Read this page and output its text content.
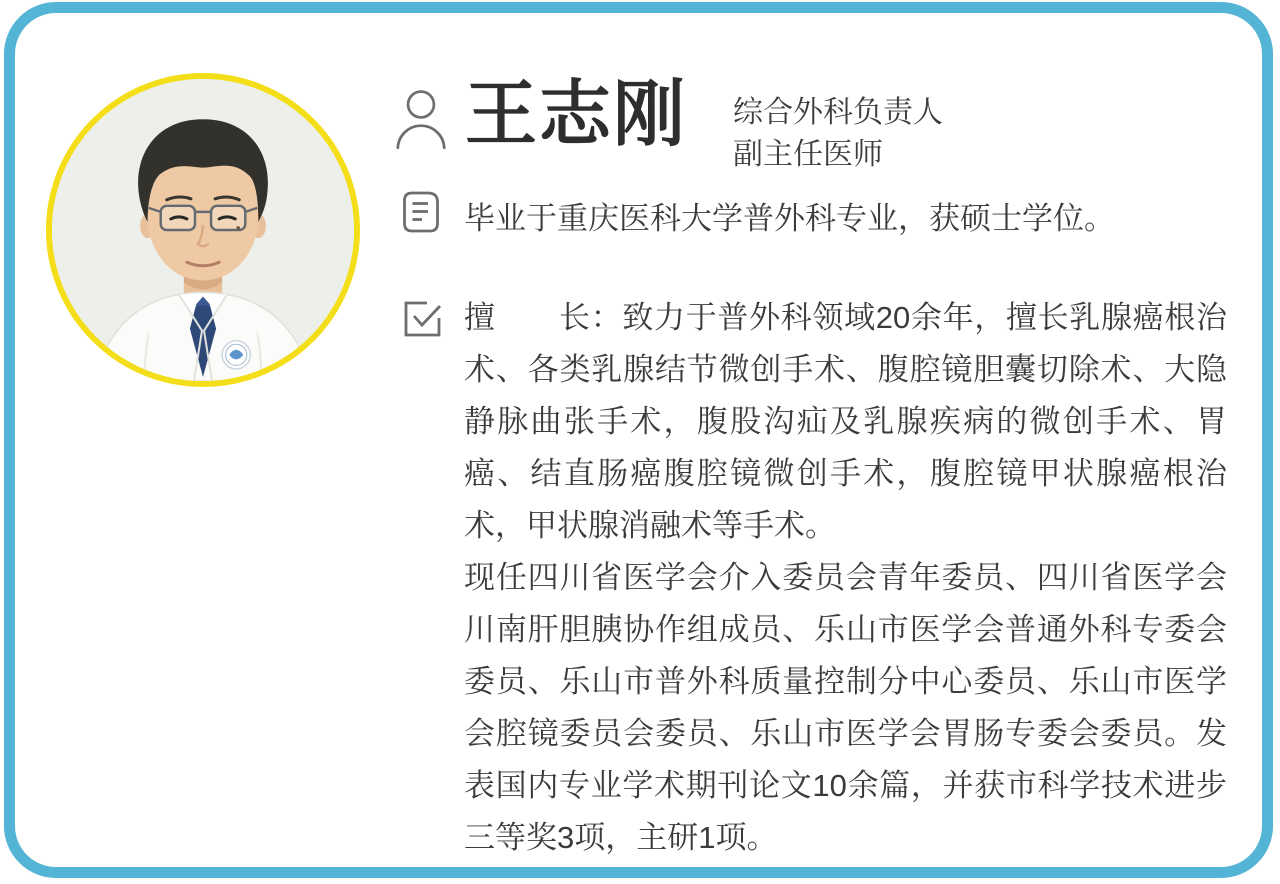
王志刚 综合外科负责人
副主任医师
毕业于重庆医科大学普外科专业，获硕士学位。

擅　　长：致力于普外科领域20余年，擅长乳腺癌根治术、各类乳腺结节微创手术、腹腔镜胆囊切除术、大隐静脉曲张手术，腹股沟疝及乳腺疾病的微创手术、胃癌、结直肠癌腹腔镜微创手术，腹腔镜甲状腺癌根治术，甲状腺消融术等手术。

现任四川省医学会介入委员会青年委员、四川省医学会川南肝胆胰协作组成员、乐山市医学会普通外科专委会委员、乐山市普外科质量控制分中心委员、乐山市医学会腔镜委员会委员、乐山市医学会胃肠专委会委员。发表国内专业学术期刊论文10余篇，并获市科学技术进步三等奖3项，主研1项。
